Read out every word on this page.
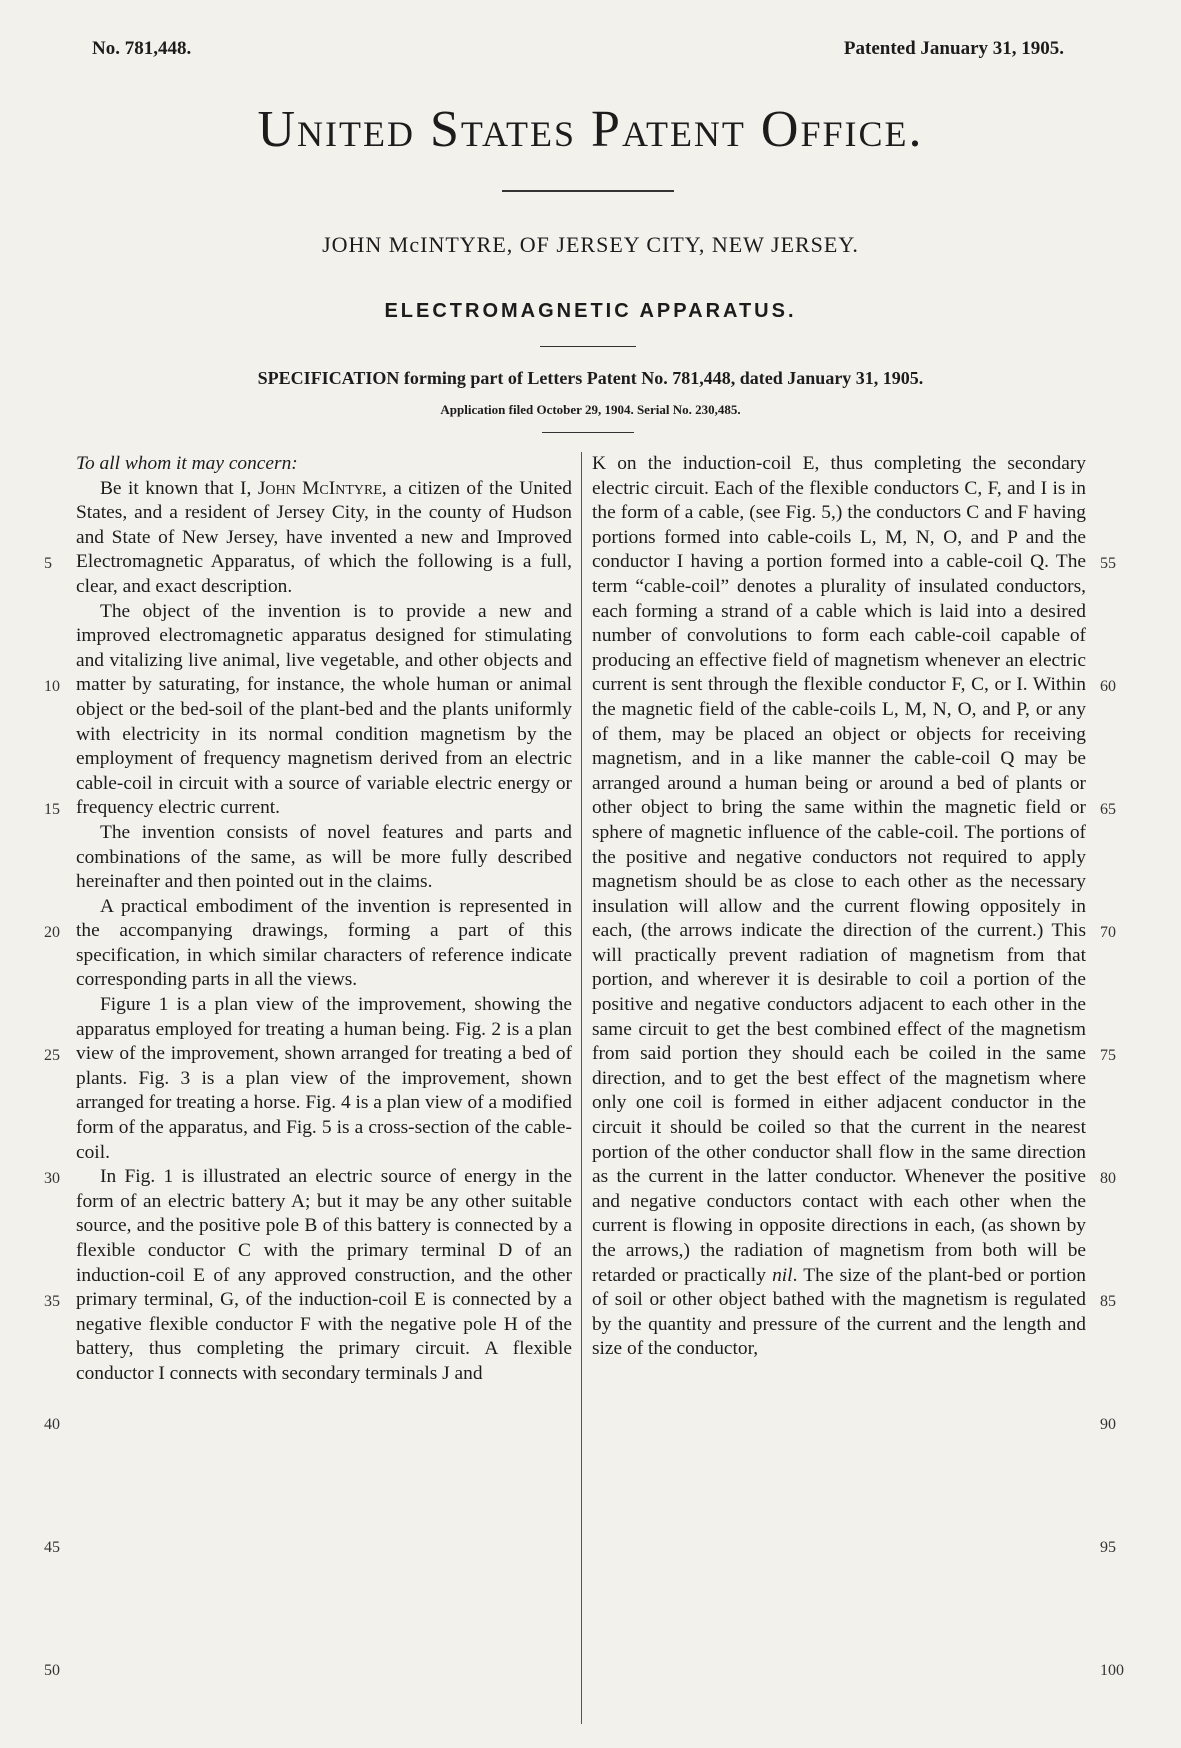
No. 781,448.	Patented January 31, 1905.
United States Patent Office.
JOHN McINTYRE, OF JERSEY CITY, NEW JERSEY.
ELECTROMAGNETIC APPARATUS.
SPECIFICATION forming part of Letters Patent No. 781,448, dated January 31, 1905.
Application filed October 29, 1904. Serial No. 230,485.

To all whom it may concern:

Be it known that I, John McIntyre, a citizen of the United States, and a resident of Jersey City, in the county of Hudson and State of New Jersey, have invented a new and Improved Electromagnetic Apparatus, of which the following is a full, clear, and exact description.

The object of the invention is to provide a new and improved electromagnetic apparatus designed for stimulating and vitalizing live animal, live vegetable, and other objects and matter by saturating, for instance, the whole human or animal object or the bed-soil of the plant-bed and the plants uniformly with electricity in its normal condition magnetism by the employment of frequency magnetism derived from an electric cable-coil in circuit with a source of variable electric energy or frequency electric current.

The invention consists of novel features and parts and combinations of the same, as will be more fully described hereinafter and then pointed out in the claims.

A practical embodiment of the invention is represented in the accompanying drawings, forming a part of this specification, in which similar characters of reference indicate corresponding parts in all the views.

Figure 1 is a plan view of the improvement, showing the apparatus employed for treating a human being. Fig. 2 is a plan view of the improvement, shown arranged for treating a bed of plants. Fig. 3 is a plan view of the improvement, shown arranged for treating a horse. Fig. 4 is a plan view of a modified form of the apparatus, and Fig. 5 is a cross-section of the cable-coil.

In Fig. 1 is illustrated an electric source of energy in the form of an electric battery A; but it may be any other suitable source, and the positive pole B of this battery is connected by a flexible conductor C with the primary terminal D of an induction-coil E of any approved construction, and the other primary terminal, G, of the induction-coil E is connected by a negative flexible conductor F with the negative pole H of the battery, thus completing the primary circuit. A flexible conductor I connects with secondary terminals J and

K on the induction-coil E, thus completing the secondary electric circuit. Each of the flexible conductors C, F, and I is in the form of a cable, (see Fig. 5,) the conductors C and F having portions formed into cable-coils L, M, N, O, and P and the conductor I having a portion formed into a cable-coil Q. The term “cable-coil” denotes a plurality of insulated conductors, each forming a strand of a cable which is laid into a desired number of convolutions to form each cable-coil capable of producing an effective field of magnetism whenever an electric current is sent through the flexible conductor F, C, or I. Within the magnetic field of the cable-coils L, M, N, O, and P, or any of them, may be placed an object or objects for receiving magnetism, and in a like manner the cable-coil Q may be arranged around a human being or around a bed of plants or other object to bring the same within the magnetic field or sphere of magnetic influence of the cable-coil. The portions of the positive and negative conductors not required to apply magnetism should be as close to each other as the necessary insulation will allow and the current flowing oppositely in each, (the arrows indicate the direction of the current.) This will practically prevent radiation of magnetism from that portion, and wherever it is desirable to coil a portion of the positive and negative conductors adjacent to each other in the same circuit to get the best combined effect of the magnetism from said portion they should each be coiled in the same direction, and to get the best effect of the magnetism where only one coil is formed in either adjacent conductor in the circuit it should be coiled so that the current in the nearest portion of the other conductor shall flow in the same direction as the current in the latter conductor. Whenever the positive and negative conductors contact with each other when the current is flowing in opposite directions in each, (as shown by the arrows,) the radiation of magnetism from both will be retarded or practically nil. The size of the plant-bed or portion of soil or other object bathed with the magnetism is regulated by the quantity and pressure of the current and the length and size of the conductor,

5
10
15
20
25
30
35
40
45
50
55
60
65
70
75
80
85
90
95
100
